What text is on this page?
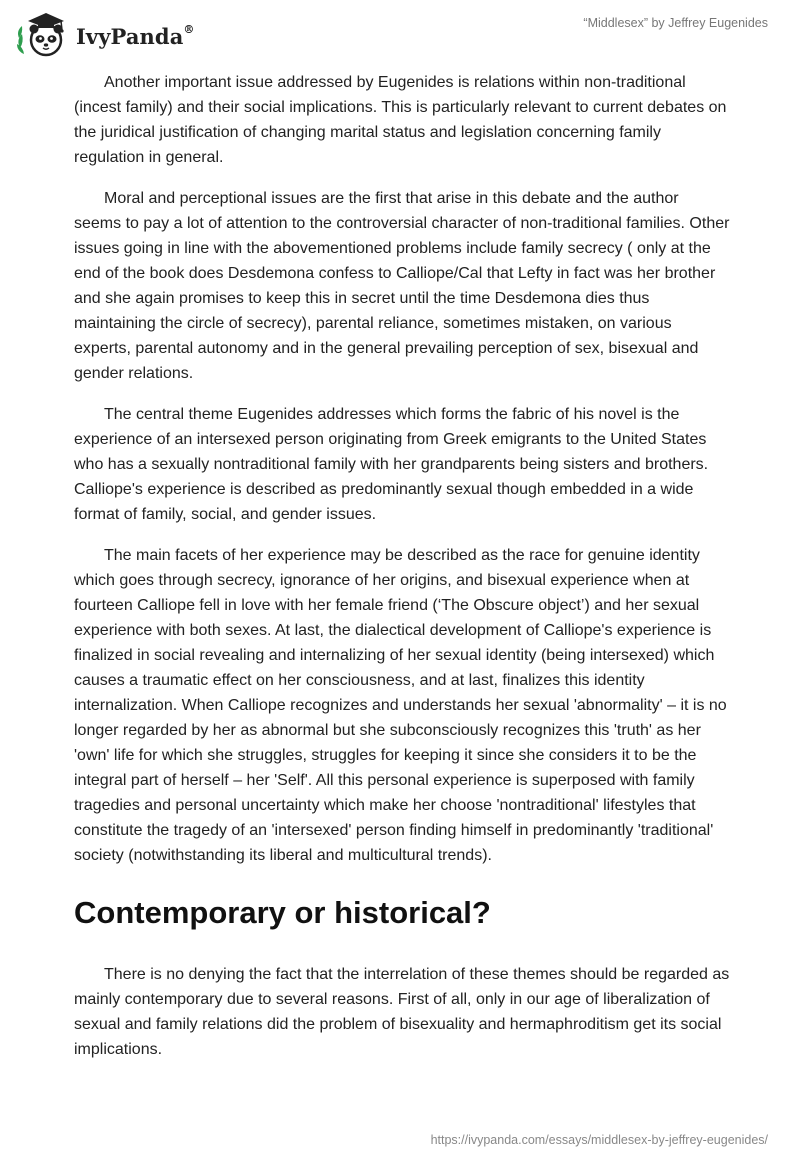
IvyPanda®	“Middlesex” by Jeffrey Eugenides

Another important issue addressed by Eugenides is relations within non-traditional (incest family) and their social implications. This is particularly relevant to current debates on the juridical justification of changing marital status and legislation concerning family regulation in general.

Moral and perceptional issues are the first that arise in this debate and the author seems to pay a lot of attention to the controversial character of non-traditional families. Other issues going in line with the abovementioned problems include family secrecy ( only at the end of the book does Desdemona confess to Calliope/Cal that Lefty in fact was her brother and she again promises to keep this in secret until the time Desdemona dies thus maintaining the circle of secrecy), parental reliance, sometimes mistaken, on various experts, parental autonomy and in the general prevailing perception of sex, bisexual and gender relations.

The central theme Eugenides addresses which forms the fabric of his novel is the experience of an intersexed person originating from Greek emigrants to the United States who has a sexually nontraditional family with her grandparents being sisters and brothers. Calliope's experience is described as predominantly sexual though embedded in a wide format of family, social, and gender issues.

The main facets of her experience may be described as the race for genuine identity which goes through secrecy, ignorance of her origins, and bisexual experience when at fourteen Calliope fell in love with her female friend (‘The Obscure object’) and her sexual experience with both sexes. At last, the dialectical development of Calliope's experience is finalized in social revealing and internalizing of her sexual identity (being intersexed) which causes a traumatic effect on her consciousness, and at last, finalizes this identity internalization. When Calliope recognizes and understands her sexual 'abnormality' – it is no longer regarded by her as abnormal but she subconsciously recognizes this 'truth' as her 'own' life for which she struggles, struggles for keeping it since she considers it to be the integral part of herself – her 'Self'. All this personal experience is superposed with family tragedies and personal uncertainty which make her choose 'nontraditional' lifestyles that constitute the tragedy of an 'intersexed' person finding himself in predominantly 'traditional' society (notwithstanding its liberal and multicultural trends).

Contemporary or historical?

There is no denying the fact that the interrelation of these themes should be regarded as mainly contemporary due to several reasons. First of all, only in our age of liberalization of sexual and family relations did the problem of bisexuality and hermaphroditism get its social implications.

https://ivypanda.com/essays/middlesex-by-jeffrey-eugenides/
